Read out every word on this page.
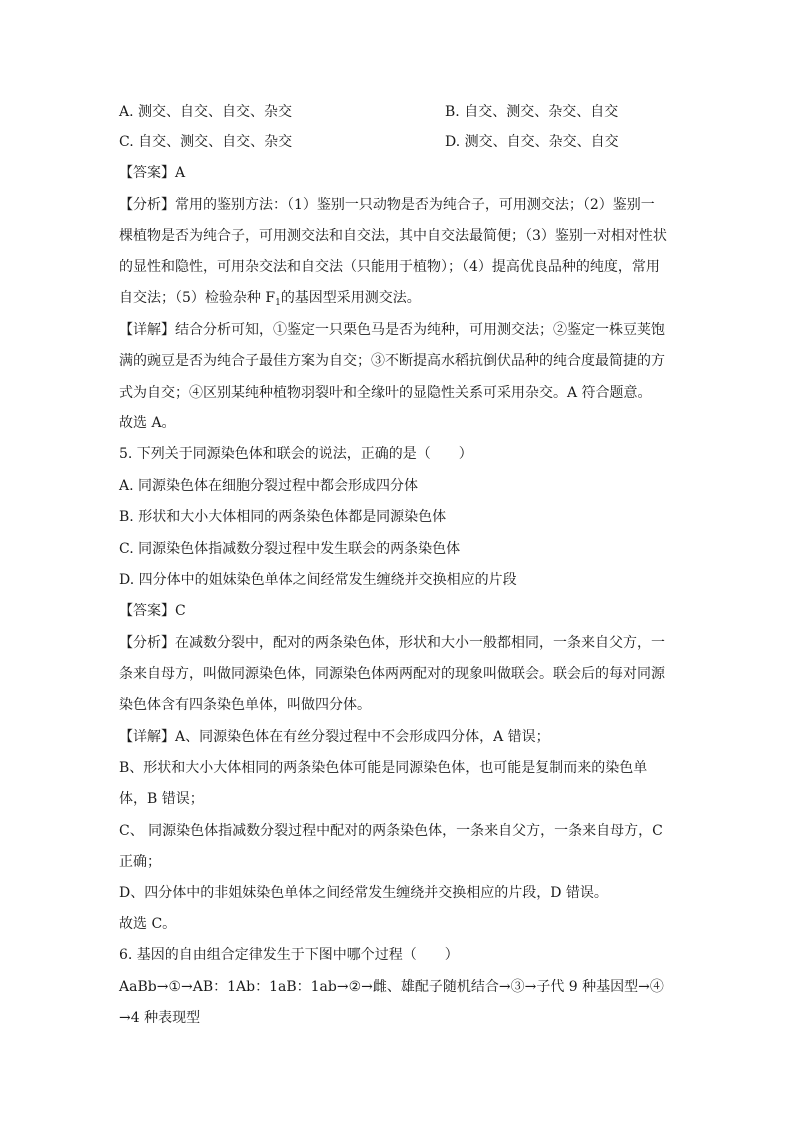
A. 测交、自交、自交、杂交	B. 自交、测交、杂交、自交
C. 自交、测交、自交、杂交	D. 测交、自交、杂交、自交
【答案】A
【分析】常用的鉴别方法：（1）鉴别一只动物是否为纯合子，可用测交法；（2）鉴别一
棵植物是否为纯合子，可用测交法和自交法，其中自交法最简便；（3）鉴别一对相对性状
的显性和隐性，可用杂交法和自交法（只能用于植物）；（4）提高优良品种的纯度，常用
自交法；（5）检验杂种 $F_1$的基因型采用测交法。
【详解】结合分析可知，①鉴定一只栗色马是否为纯种，可用测交法；②鉴定一株豆荚饱
满的豌豆是否为纯合子最佳方案为自交；③不断提高水稻抗倒伏品种的纯合度最简捷的方
式为自交；④区别某纯种植物羽裂叶和全缘叶的显隐性关系可采用杂交。A 符合题意。
故选 A。
5. 下列关于同源染色体和联会的说法，正确的是（　　）
A. 同源染色体在细胞分裂过程中都会形成四分体
B. 形状和大小大体相同的两条染色体都是同源染色体
C. 同源染色体指减数分裂过程中发生联会的两条染色体
D. 四分体中的姐妹染色单体之间经常发生缠绕并交换相应的片段
【答案】C
【分析】在减数分裂中，配对的两条染色体，形状和大小一般都相同，一条来自父方，一
条来自母方，叫做同源染色体，同源染色体两两配对的现象叫做联会。联会后的每对同源
染色体含有四条染色单体，叫做四分体。
【详解】A、同源染色体在有丝分裂过程中不会形成四分体，A 错误；
B、形状和大小大体相同的两条染色体可能是同源染色体，也可能是复制而来的染色单
体，B 错误；
C、 同源染色体指减数分裂过程中配对的两条染色体，一条来自父方，一条来自母方，C
正确；
D、四分体中的非姐妹染色单体之间经常发生缠绕并交换相应的片段，D 错误。
故选 C。
6. 基因的自由组合定律发生于下图中哪个过程（　　）
AaBb→①→AB：1Ab：1aB：1ab→②→雌、雄配子随机结合→③→子代 9 种基因型→④
→4 种表现型
